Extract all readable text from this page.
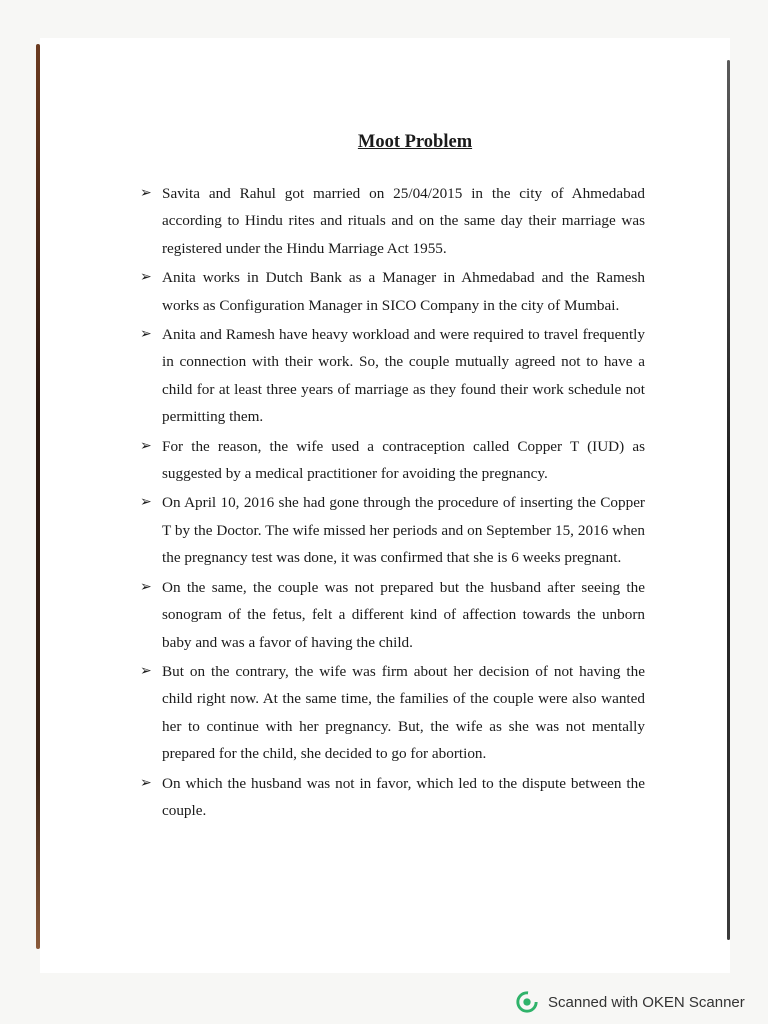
Moot Problem
➢ Savita and Rahul got married on 25/04/2015 in the city of Ahmedabad according to Hindu rites and rituals and on the same day their marriage was registered under the Hindu Marriage Act 1955.
➢ Anita works in Dutch Bank as a Manager in Ahmedabad and the Ramesh works as Configuration Manager in SICO Company in the city of Mumbai.
➢ Anita and Ramesh have heavy workload and were required to travel frequently in connection with their work. So, the couple mutually agreed not to have a child for at least three years of marriage as they found their work schedule not permitting them.
➢ For the reason, the wife used a contraception called Copper T (IUD) as suggested by a medical practitioner for avoiding the pregnancy.
➢ On April 10, 2016 she had gone through the procedure of inserting the Copper T by the Doctor. The wife missed her periods and on September 15, 2016 when the pregnancy test was done, it was confirmed that she is 6 weeks pregnant.
➢ On the same, the couple was not prepared but the husband after seeing the sonogram of the fetus, felt a different kind of affection towards the unborn baby and was a favor of having the child.
➢ But on the contrary, the wife was firm about her decision of not having the child right now. At the same time, the families of the couple were also wanted her to continue with her pregnancy. But, the wife as she was not mentally prepared for the child, she decided to go for abortion.
➢ On which the husband was not in favor, which led to the dispute between the couple.
Scanned with OKEN Scanner
